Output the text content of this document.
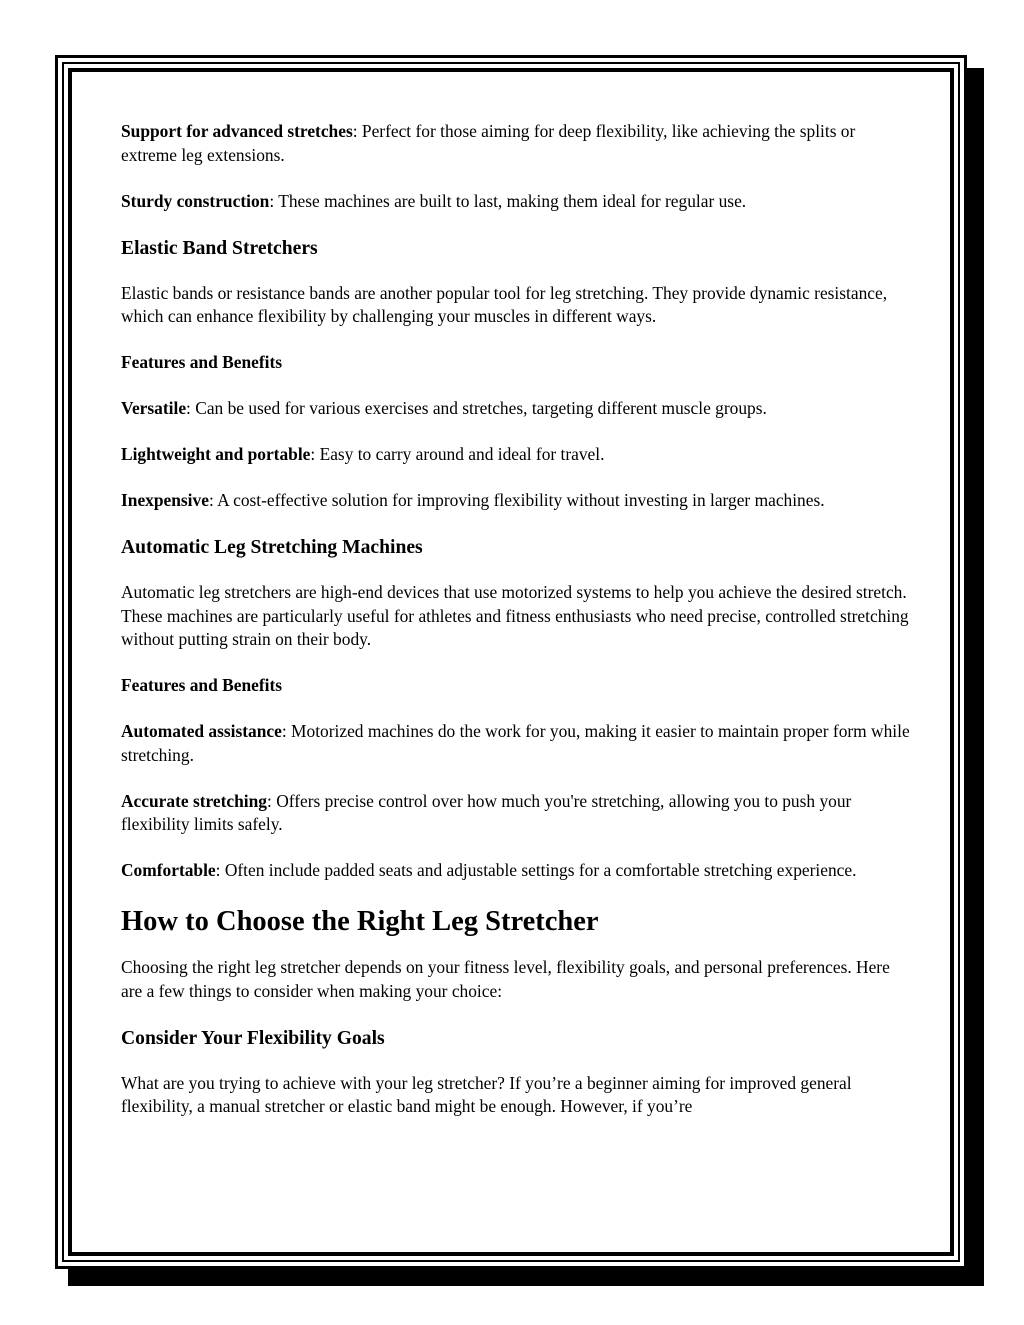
Support for advanced stretches: Perfect for those aiming for deep flexibility, like achieving the splits or extreme leg extensions.

Sturdy construction: These machines are built to last, making them ideal for regular use.

Elastic Band Stretchers

Elastic bands or resistance bands are another popular tool for leg stretching. They provide dynamic resistance, which can enhance flexibility by challenging your muscles in different ways.

Features and Benefits

Versatile: Can be used for various exercises and stretches, targeting different muscle groups.

Lightweight and portable: Easy to carry around and ideal for travel.

Inexpensive: A cost-effective solution for improving flexibility without investing in larger machines.

Automatic Leg Stretching Machines

Automatic leg stretchers are high-end devices that use motorized systems to help you achieve the desired stretch. These machines are particularly useful for athletes and fitness enthusiasts who need precise, controlled stretching without putting strain on their body.

Features and Benefits

Automated assistance: Motorized machines do the work for you, making it easier to maintain proper form while stretching.

Accurate stretching: Offers precise control over how much you're stretching, allowing you to push your flexibility limits safely.

Comfortable: Often include padded seats and adjustable settings for a comfortable stretching experience.

How to Choose the Right Leg Stretcher

Choosing the right leg stretcher depends on your fitness level, flexibility goals, and personal preferences. Here are a few things to consider when making your choice:

Consider Your Flexibility Goals

What are you trying to achieve with your leg stretcher? If you’re a beginner aiming for improved general flexibility, a manual stretcher or elastic band might be enough. However, if you’re
